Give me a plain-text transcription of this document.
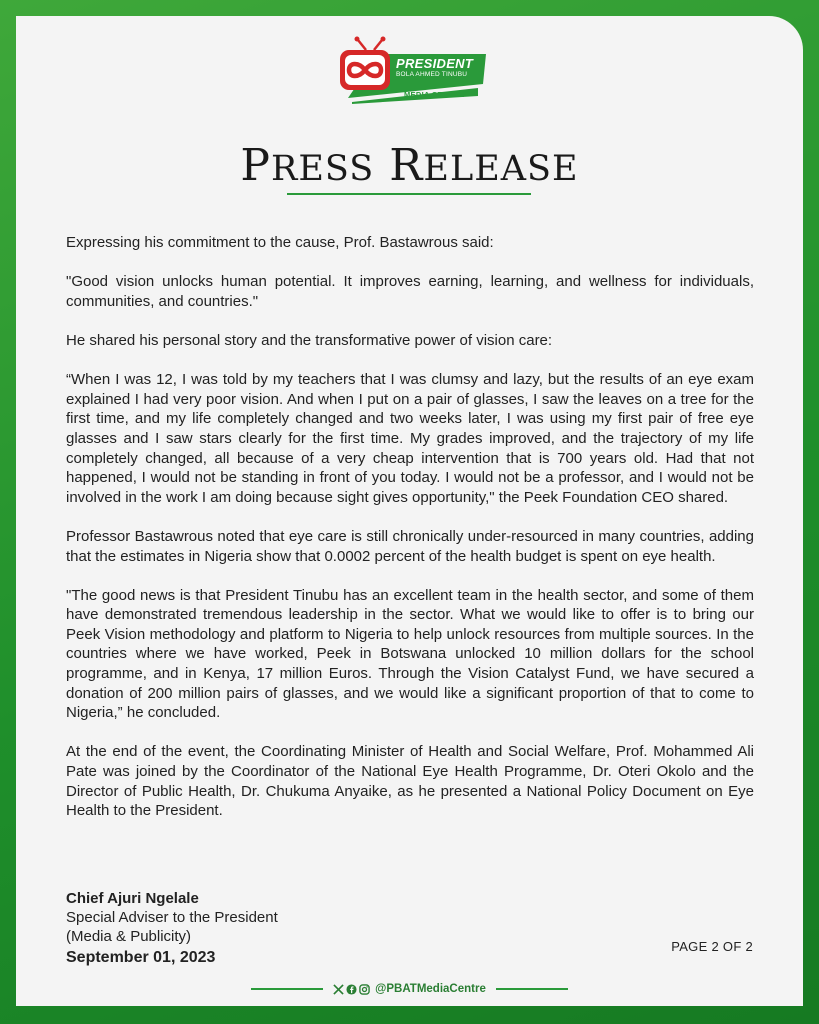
PRESIDENT
BOLA AHMED TINUBU
MEDIA CENTRE
PRESS RELEASE

Expressing his commitment to the cause, Prof. Bastawrous said:

"Good vision unlocks human potential. It improves earning, learning, and wellness for individuals, communities, and countries."

He shared his personal story and the transformative power of vision care:

“When I was 12, I was told by my teachers that I was clumsy and lazy, but the results of an eye exam explained I had very poor vision. And when I put on a pair of glasses, I saw the leaves on a tree for the first time, and my life completely changed and two weeks later, I was using my first pair of free eye glasses and I saw stars clearly for the first time. My grades improved, and the trajectory of my life completely changed, all because of a very cheap intervention that is 700 years old. Had that not happened, I would not be standing in front of you today. I would not be a professor, and I would not be involved in the work I am doing because sight gives opportunity," the Peek Foundation CEO shared.

Professor Bastawrous noted that eye care is still chronically under-resourced in many countries, adding that the estimates in Nigeria show that 0.0002 percent of the health budget is spent on eye health.

"The good news is that President Tinubu has an excellent team in the health sector, and some of them have demonstrated tremendous leadership in the sector. What we would like to offer is to bring our Peek Vision methodology and platform to Nigeria to help unlock resources from multiple sources. In the countries where we have worked, Peek in Botswana unlocked 10 million dollars for the school programme, and in Kenya, 17 million Euros. Through the Vision Catalyst Fund, we have secured a donation of 200 million pairs of glasses, and we would like a significant proportion of that to come to Nigeria,” he concluded.

At the end of the event, the Coordinating Minister of Health and Social Welfare, Prof. Mohammed Ali Pate was joined by the Coordinator of the National Eye Health Programme, Dr. Oteri Okolo and the Director of Public Health, Dr. Chukuma Anyaike, as he presented a National Policy Document on Eye Health to the President.

Chief Ajuri Ngelale
Special Adviser to the President
(Media & Publicity)
September 01, 2023
PAGE 2 OF 2
@PBATMediaCentre
